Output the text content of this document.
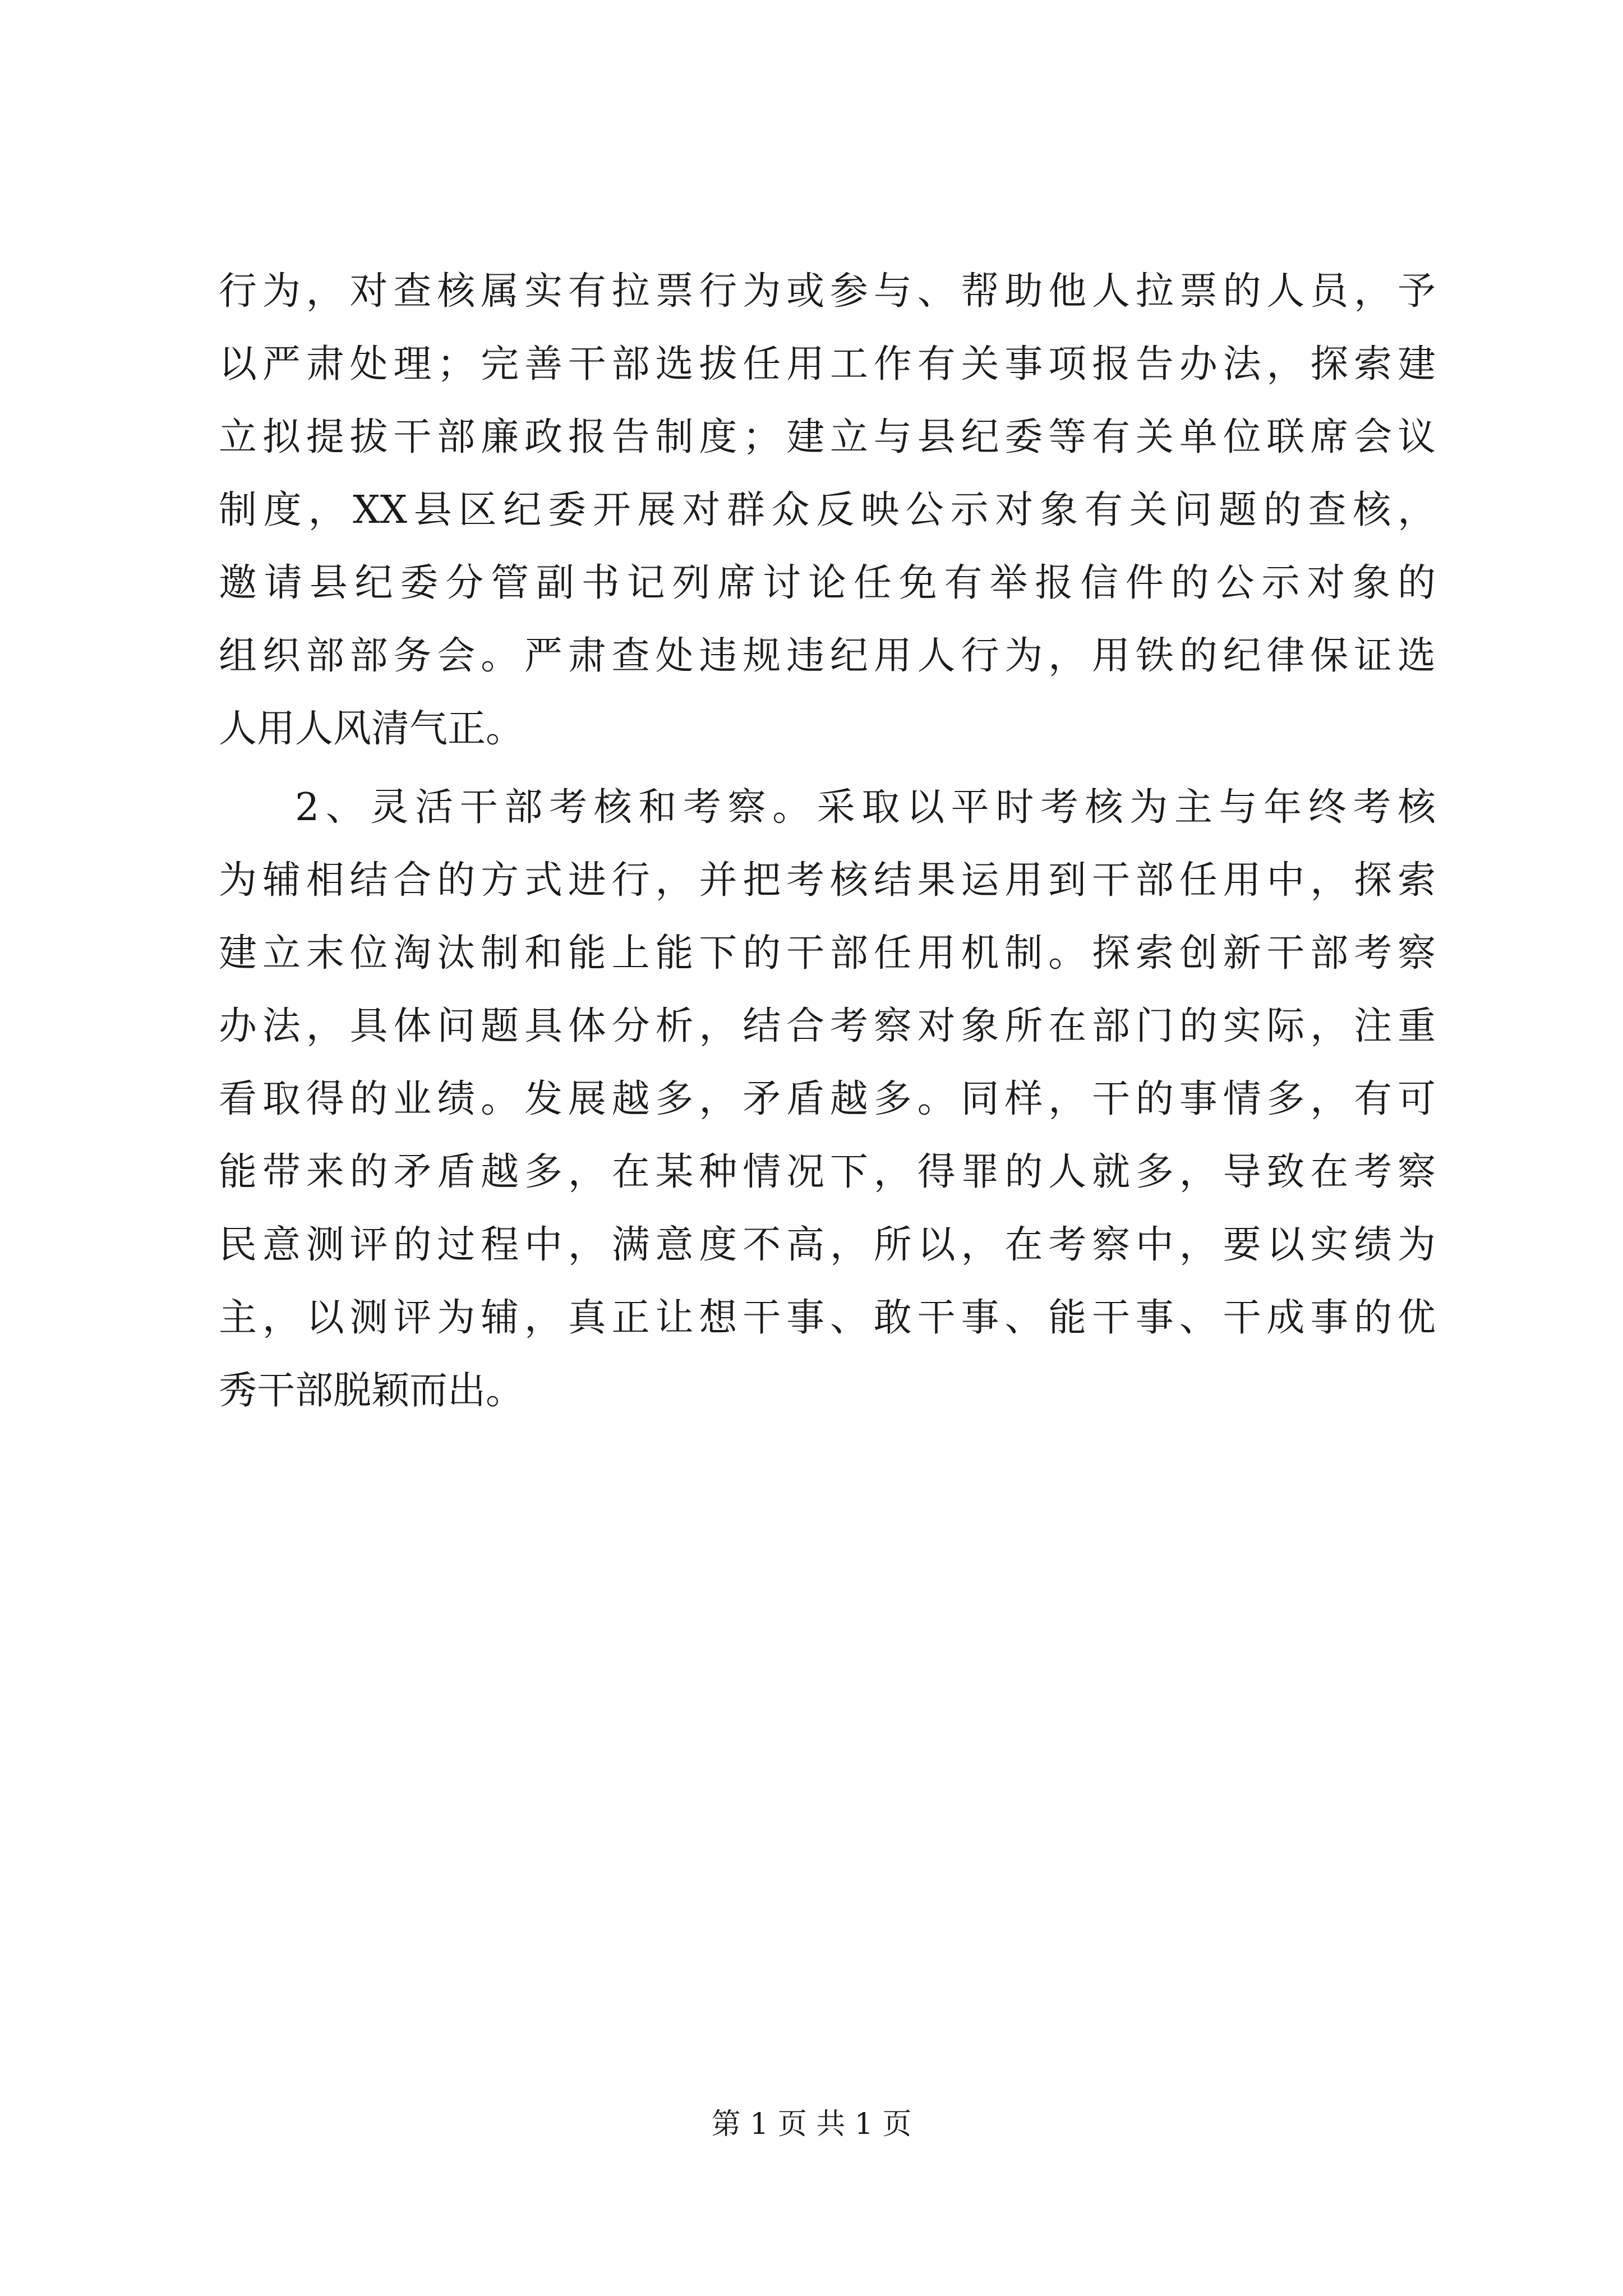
行为，对查核属实有拉票行为或参与、帮助他人拉票的人员，予
以严肃处理；完善干部选拔任用工作有关事项报告办法，探索建
立拟提拔干部廉政报告制度；建立与县纪委等有关单位联席会议
制度，XX县区纪委开展对群众反映公示对象有关问题的查核，
邀请县纪委分管副书记列席讨论任免有举报信件的公示对象的
组织部部务会。严肃查处违规违纪用人行为，用铁的纪律保证选
人用人风清气正。
2、灵活干部考核和考察。采取以平时考核为主与年终考核
为辅相结合的方式进行，并把考核结果运用到干部任用中，探索
建立末位淘汰制和能上能下的干部任用机制。探索创新干部考察
办法，具体问题具体分析，结合考察对象所在部门的实际，注重
看取得的业绩。发展越多，矛盾越多。同样，干的事情多，有可
能带来的矛盾越多，在某种情况下，得罪的人就多，导致在考察
民意测评的过程中，满意度不高，所以，在考察中，要以实绩为
主，以测评为辅，真正让想干事、敢干事、能干事、干成事的优
秀干部脱颖而出。
第 1 页 共 1 页
